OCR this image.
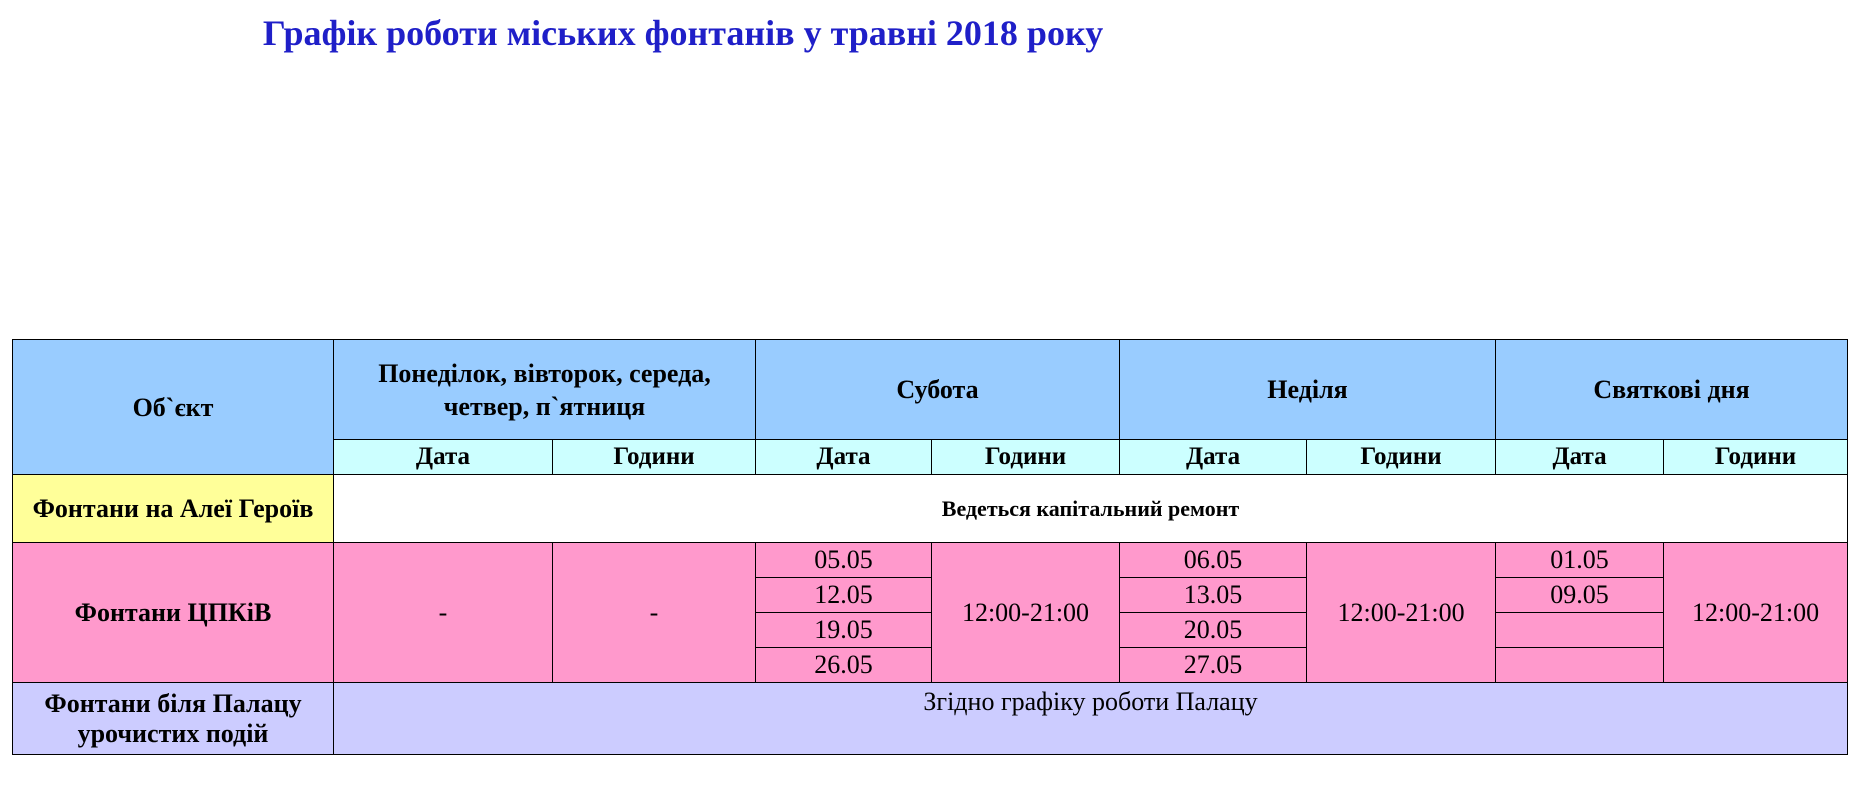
Графік роботи міських фонтанів у травні 2018 року
Об`єкт	Понеділок, вівторок, середа, четвер, п`ятниця		Субота		Неділя		Святкові дня	
	Дата	Години	Дата	Години	Дата	Години	Дата	Години
Фонтани на Алеї Героїв	Ведеться капітальний ремонт							
Фонтани ЦПКіВ	-	-	05.05	12:00-21:00	06.05	12:00-21:00	01.05	12:00-21:00
			12.05		13.05		09.05	
			19.05		20.05			
			26.05		27.05			
Фонтани біля Палацу урочистих подій	Згідно графіку роботи Палацу							
